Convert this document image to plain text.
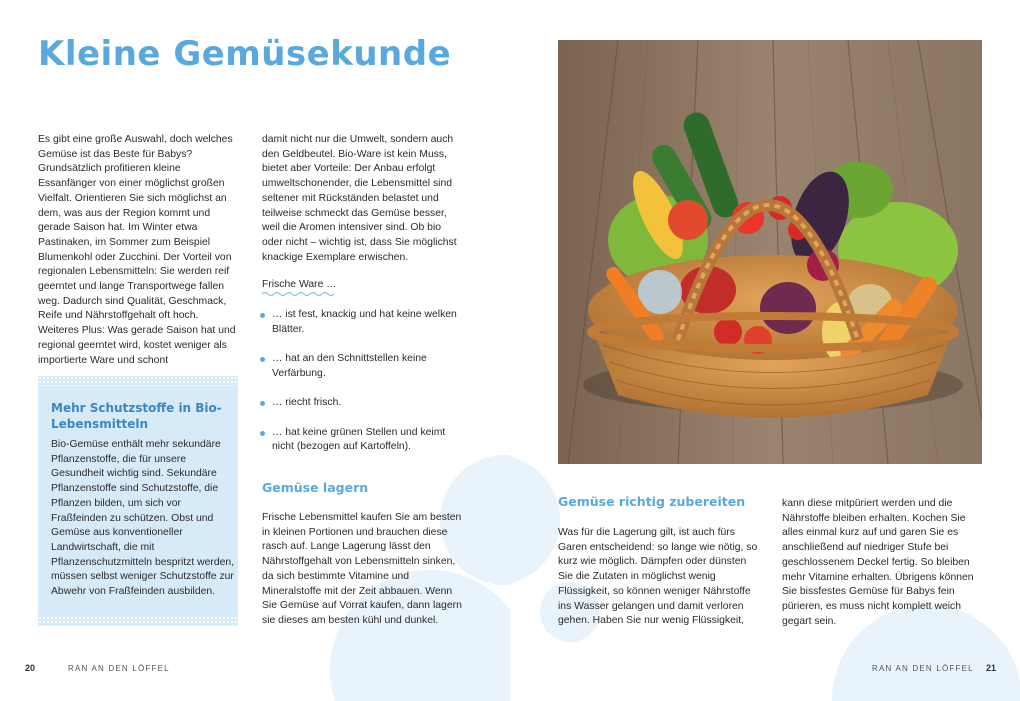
Kleine Gemüsekunde

Es gibt eine große Auswahl, doch welches Gemüse ist das Beste für Babys? Grundsätzlich profitieren kleine Essanfänger von einer möglichst großen Vielfalt. Orientieren Sie sich möglichst an dem, was aus der Region kommt und gerade Saison hat. Im Winter etwa Pastinaken, im Sommer zum Beispiel Blumenkohl oder Zucchini. Der Vorteil von regionalen Lebensmitteln: Sie werden reif geerntet und lange Transportwege fallen weg. Dadurch sind Qualität, Geschmack, Reife und Nährstoffgehalt oft hoch. Weiteres Plus: Was gerade Saison hat und regional geerntet wird, kostet weniger als importierte Ware und schont

damit nicht nur die Umwelt, sondern auch den Geldbeutel. Bio-Ware ist kein Muss, bietet aber Vorteile: Der Anbau erfolgt umweltschonender, die Lebensmittel sind seltener mit Rückständen belastet und teilweise schmeckt das Gemüse besser, weil die Aromen intensiver sind. Ob bio oder nicht – wichtig ist, dass Sie möglichst knackige Exemplare erwischen.

Frische Ware …
… ist fest, knackig und hat keine welken Blätter.
… hat an den Schnittstellen keine Verfärbung.
… riecht frisch.
… hat keine grünen Stellen und keimt nicht (bezogen auf Kartoffeln).
Mehr Schutzstoffe in Bio-Lebensmitteln
Bio-Gemüse enthält mehr sekundäre Pflanzenstoffe, die für unsere Gesundheit wichtig sind. Sekundäre Pflanzenstoffe sind Schutzstoffe, die Pflanzen bilden, um sich vor Fraßfeinden zu schützen. Obst und Gemüse aus konventioneller Landwirtschaft, die mit Pflanzenschutzmitteln bespritzt werden, müssen selbst weniger Schutzstoffe zur Abwehr von Fraßfeinden ausbilden.
Gemüse lagern
Frische Lebensmittel kaufen Sie am besten in kleinen Portionen und brauchen diese rasch auf. Lange Lagerung lässt den Nährstoffgehalt von Lebensmitteln sinken, da sich bestimmte Vitamine und Mineralstoffe mit der Zeit abbauen. Wenn Sie Gemüse auf Vorrat kaufen, dann lagern sie dieses am besten kühl und dunkel.
20	RAN AN DEN LÖFFEL
Gemüse richtig zubereiten
Was für die Lagerung gilt, ist auch fürs Garen entscheidend: so lange wie nötig, so kurz wie möglich. Dämpfen oder dünsten Sie die Zutaten in möglichst wenig Flüssigkeit, so können weniger Nährstoffe ins Wasser gelangen und damit verloren gehen. Haben Sie nur wenig Flüssigkeit,
kann diese mitpüriert werden und die Nährstoffe bleiben erhalten. Kochen Sie alles einmal kurz auf und garen Sie es anschließend auf niedriger Stufe bei geschlossenem Deckel fertig. So bleiben mehr Vitamine erhalten. Übrigens können Sie bissfestes Gemüse für Babys fein pürieren, es muss nicht komplett weich gegart sein.
RAN AN DEN LÖFFEL 21
